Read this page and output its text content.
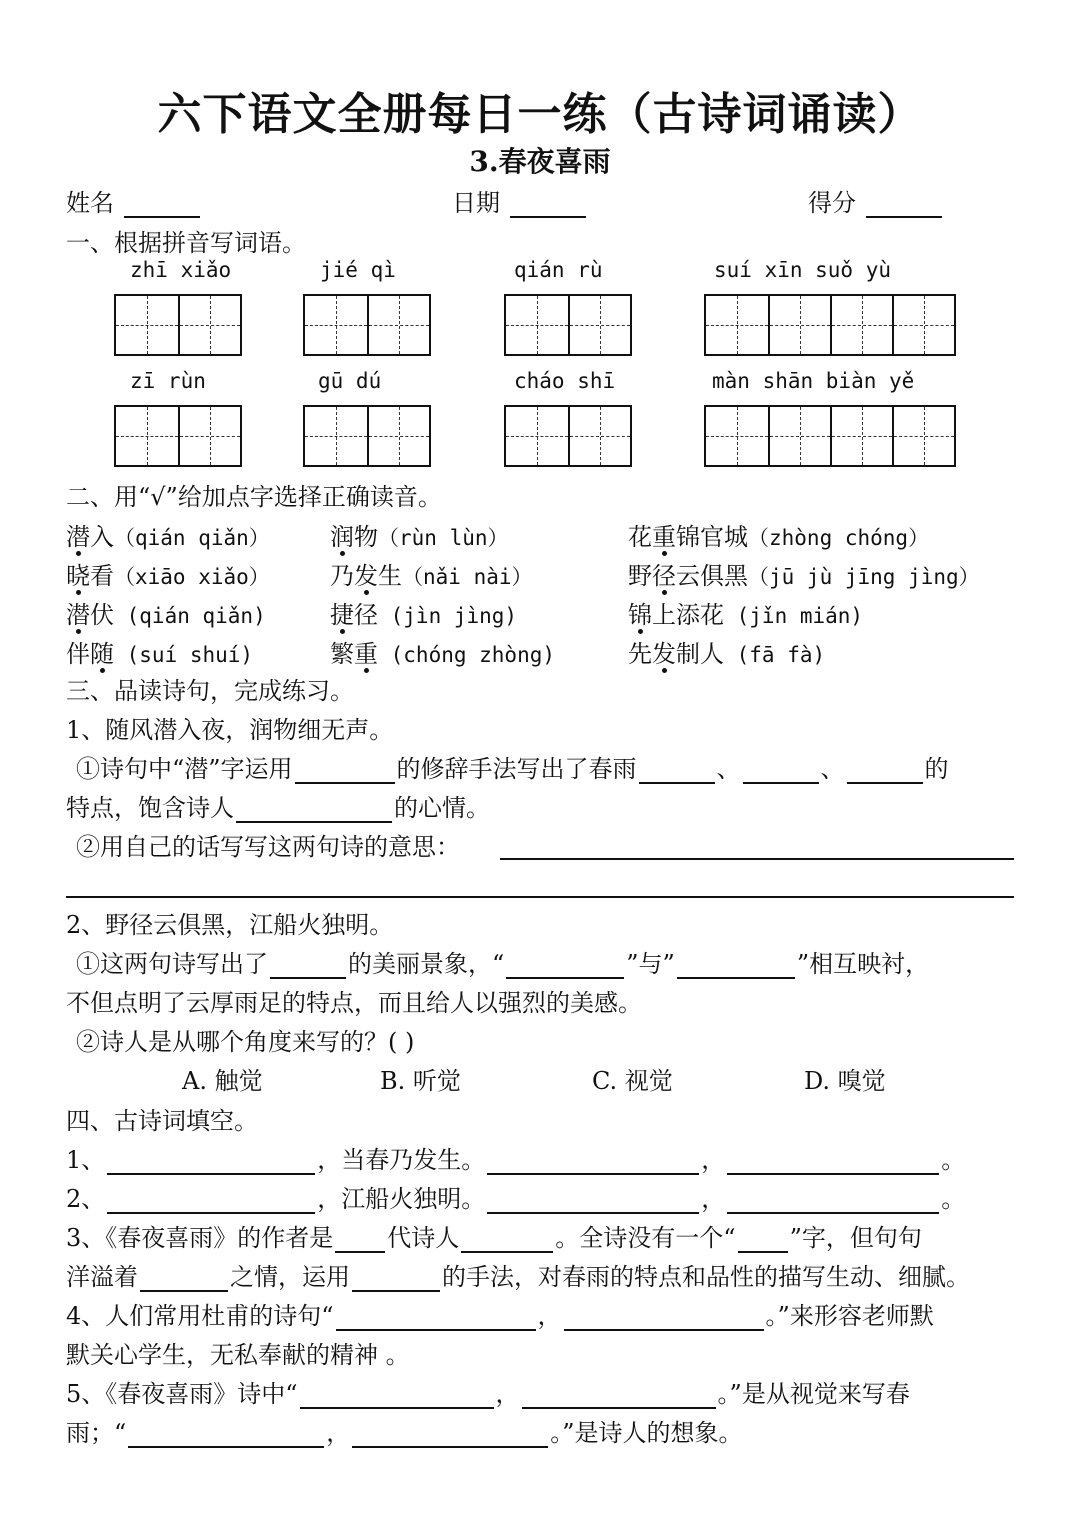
六下语文全册每日一练（古诗词诵读）
3.春夜喜雨
姓名	日期	得分
一、根据拼音写词语。
zhī xiǎo	jié qì	qián rù	suí xīn suǒ yù
zī rùn	gū dú	cháo shī	màn shān biàn yě
二、用“√”给加点字选择正确读音。
潜入（qián qiǎn）	润物（rùn lùn）	花重锦官城（zhòng chóng）
晓看（xiāo xiǎo）	乃发生（nǎi nài）	野径云俱黑（jū jù jīng jìng）
潜伏 (qián qiǎn)	捷径 (jìn jìng)	锦上添花 (jǐn mián)
伴随 (suí shuí)	繁重 (chóng zhòng)	先发制人 (fā fà)
三、品读诗句，完成练习。
1、随风潜入夜，润物细无声。
①诗句中“潜”字运用	的修辞手法写出了春雨	、	、	的
特点，饱含诗人	的心情。
②用自己的话写写这两句诗的意思：
2、野径云俱黑，江船火独明。
①这两句诗写出了	的美丽景象，“	”与”	”相互映衬，
不但点明了云厚雨足的特点，而且给人以强烈的美感。
②诗人是从哪个角度来写的？( )
A. 触觉	B. 听觉	C. 视觉	D. 嗅觉
四、古诗词填空。
1、	，当春乃发生。	，	。
2、	，江船火独明。	，	。
3、《春夜喜雨》的作者是 代诗人	。全诗没有一个“ ”字，但句句
洋溢着	之情，运用	的手法，对春雨的特点和品性的描写生动、细腻。
4、人们常用杜甫的诗句“	，	。”来形容老师默
默关心学生，无私奉献的精神 。
5、《春夜喜雨》诗中“	，	。”是从视觉来写春
雨；“	，	。”是诗人的想象。
